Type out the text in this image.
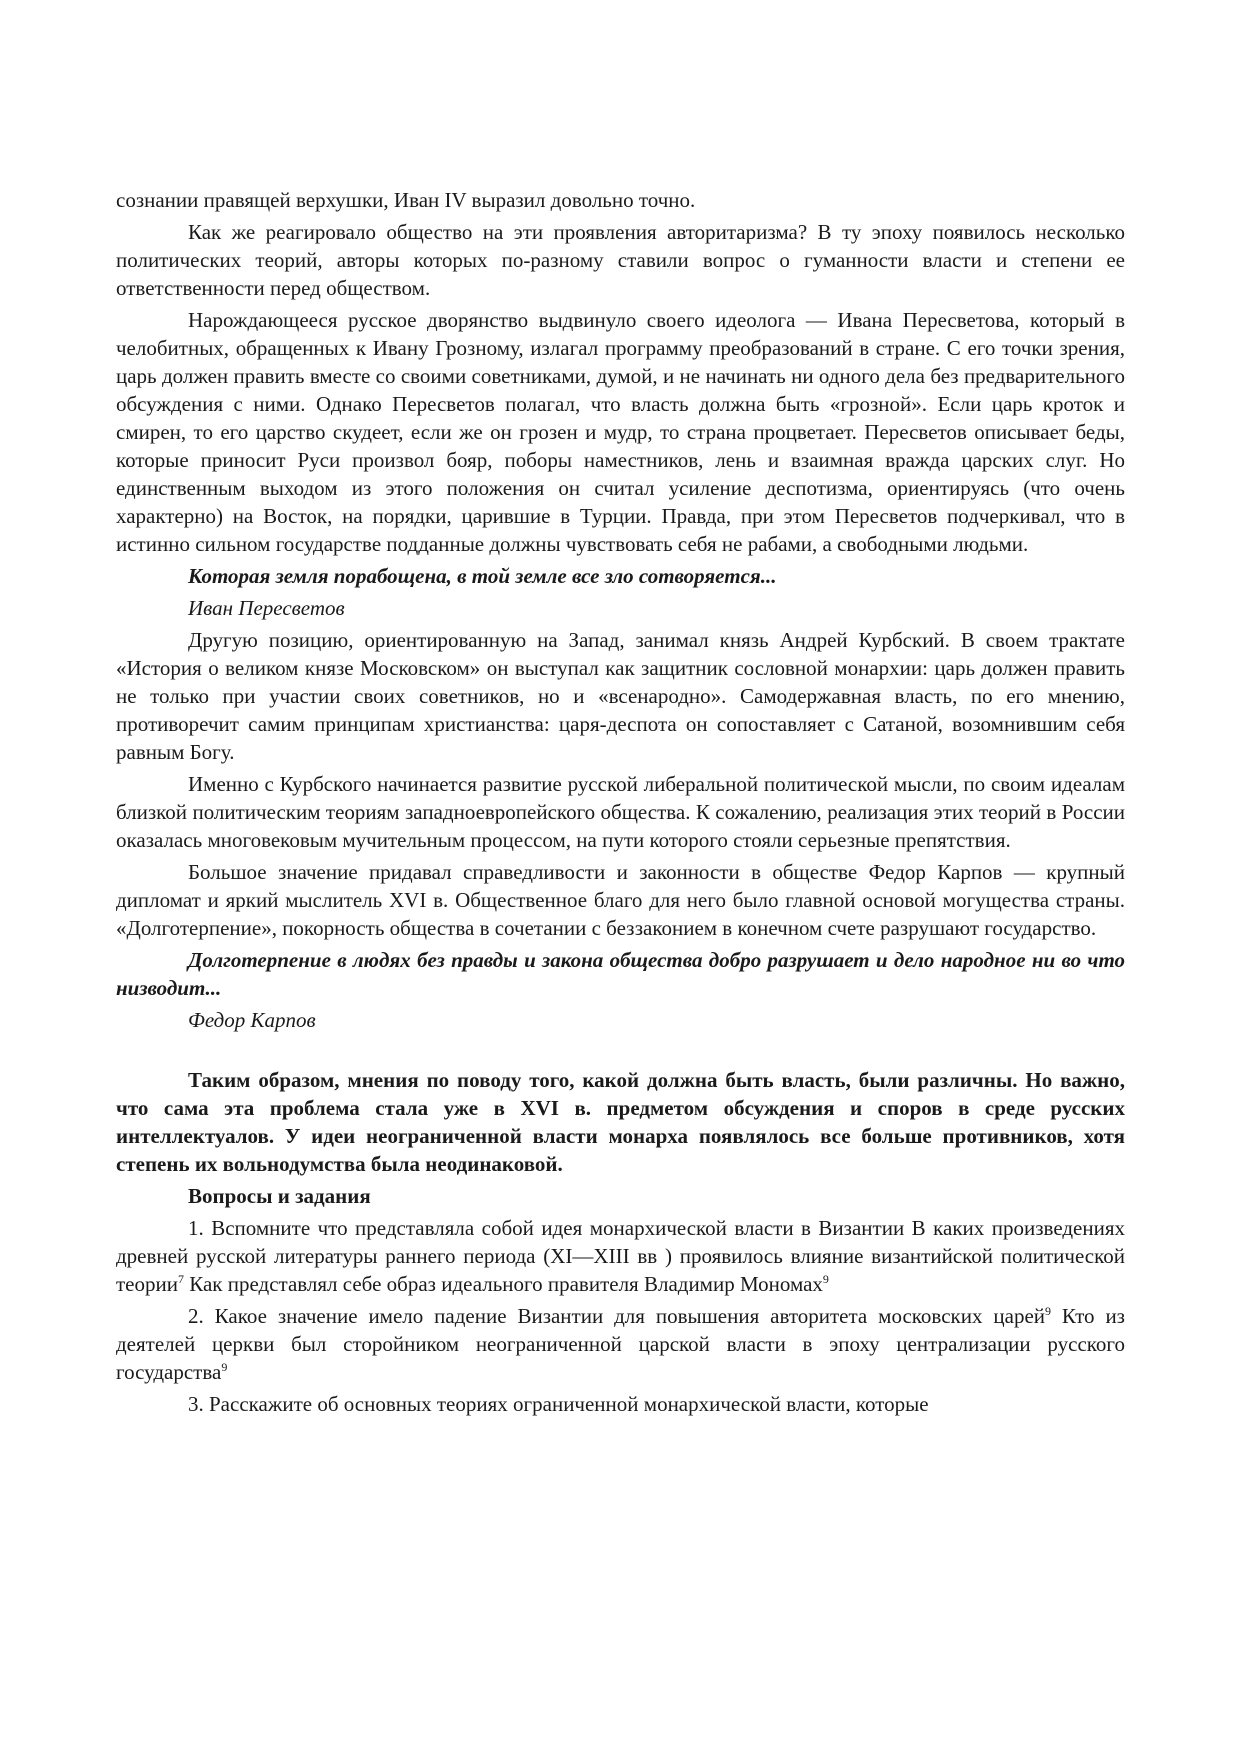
сознании правящей верхушки, Иван IV выразил довольно точно.

Как же реагировало общество на эти проявления авторитаризма? В ту эпоху появилось несколько политических теорий, авторы которых по-разному ставили вопрос о гуманности власти и степени ее ответственности перед обществом.

Нарождающееся русское дворянство выдвинуло своего идеолога — Ивана Пересветова, который в челобитных, обращенных к Ивану Грозному, излагал программу преобразований в стране. С его точки зрения, царь должен править вместе со своими советниками, думой, и не начинать ни одного дела без предварительного обсуждения с ними. Однако Пересветов полагал, что власть должна быть «грозной». Если царь кроток и смирен, то его царство скудеет, если же он грозен и мудр, то страна процветает. Пересветов описывает беды, которые приносит Руси произвол бояр, поборы наместников, лень и взаимная вражда царских слуг. Но единственным выходом из этого положения он считал усиление деспотизма, ориентируясь (что очень характерно) на Восток, на порядки, царившие в Турции. Правда, при этом Пересветов подчеркивал, что в истинно сильном государстве подданные должны чувствовать себя не рабами, а свободными людьми.

Которая земля порабощена, в той земле все зло сотворяется...

Иван Пересветов

Другую позицию, ориентированную на Запад, занимал князь Андрей Курбский. В своем трактате «История о великом князе Московском» он выступал как защитник сословной монархии: царь должен править не только при участии своих советников, но и «всенародно». Самодержавная власть, по его мнению, противоречит самим принципам христианства: царя-деспота он сопоставляет с Сатаной, возомнившим себя равным Богу.

Именно с Курбского начинается развитие русской либеральной политической мысли, по своим идеалам близкой политическим теориям западноевропейского общества. К сожалению, реализация этих теорий в России оказалась многовековым мучительным процессом, на пути которого стояли серьезные препятствия.

Большое значение придавал справедливости и законности в обществе Федор Карпов — крупный дипломат и яркий мыслитель XVI в. Общественное благо для него было главной основой могущества страны. «Долготерпение», покорность общества в сочетании с беззаконием в конечном счете разрушают государство.

Долготерпение в людях без правды и закона общества добро разрушает и дело народное ни во что низводит...

Федор Карпов

Таким образом, мнения по поводу того, какой должна быть власть, были различны. Но важно, что сама эта проблема стала уже в XVI в. предметом обсуждения и споров в среде русских интеллектуалов. У идеи неограниченной власти монарха появлялось все больше противников, хотя степень их вольнодумства была неодинаковой.

Вопросы и задания

1. Вспомните что представляла собой идея монархической власти в Византии В каких произведениях древней русской литературы раннего периода (XI—XIII вв ) проявилось влияние византийской политической теории$^7$ Как представлял себе образ идеального правителя Владимир Мономах$^9$

2. Какое значение имело падение Византии для повышения авторитета московских царей$^9$ Кто из деятелей церкви был стоpойником неограниченной царской власти в эпоху централизации русского государства$^9$

3. Расскажите об основных теориях ограниченной монархической власти, которые
